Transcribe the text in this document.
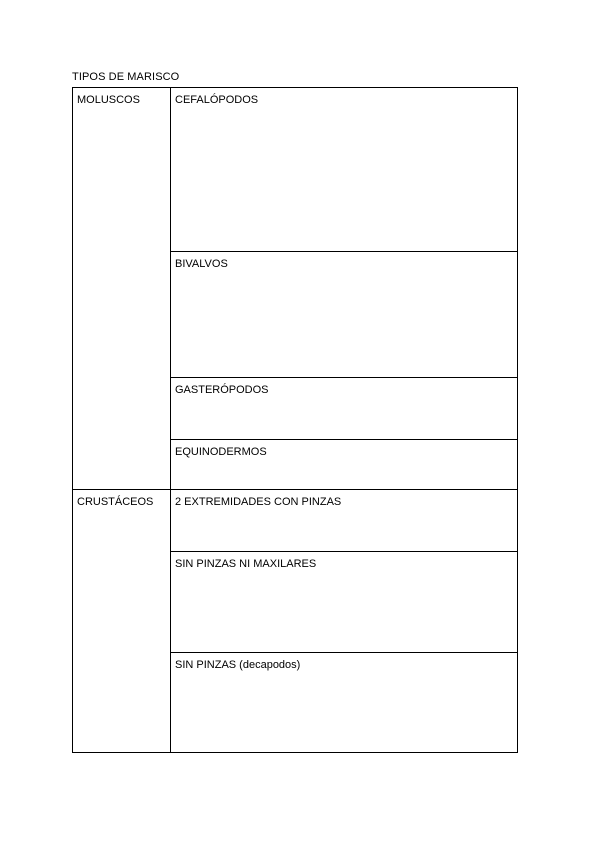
TIPOS DE MARISCO
MOLUSCOS
CRUSTÁCEOS
CEFALÓPODOS
BIVALVOS
GASTERÓPODOS
EQUINODERMOS
2 EXTREMIDADES CON PINZAS
SIN PINZAS NI MAXILARES
SIN PINZAS (decapodos)
